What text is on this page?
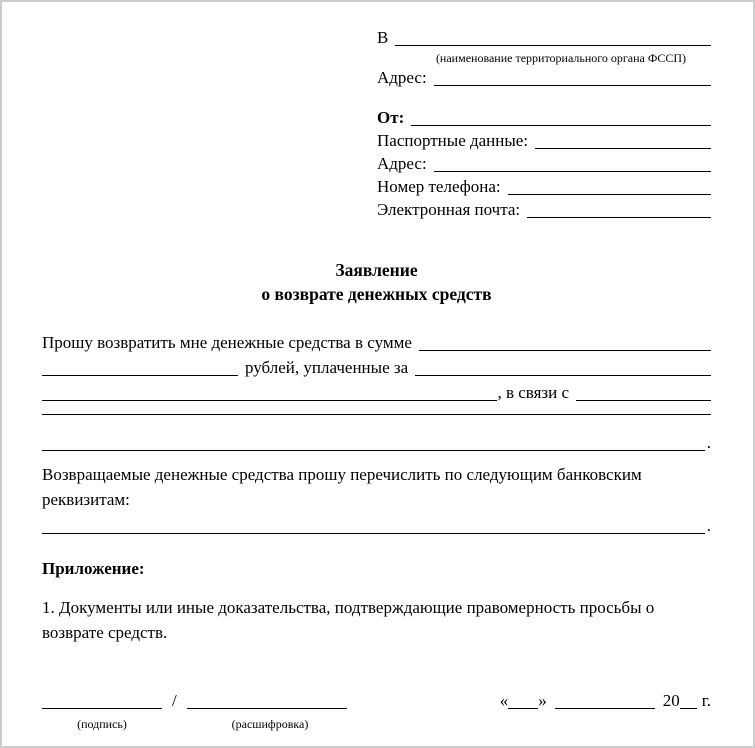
В
(наименование территориального органа ФССП)
Адрес:
От:
Паспортные данные:
Адрес:
Номер телефона:
Электронная почта:
Заявление
о возврате денежных средств
Прошу возвратить мне денежные средства в сумме
рублей, уплаченные за
, в связи с
.
Возвращаемые денежные средства прошу перечислить по следующим банковским реквизитам:
.
Приложение:
1. Документы или иные доказательства, подтверждающие правомерность просьбы о возврате средств.
/
(подпись)	(расшифровка)
« »	20 г.
